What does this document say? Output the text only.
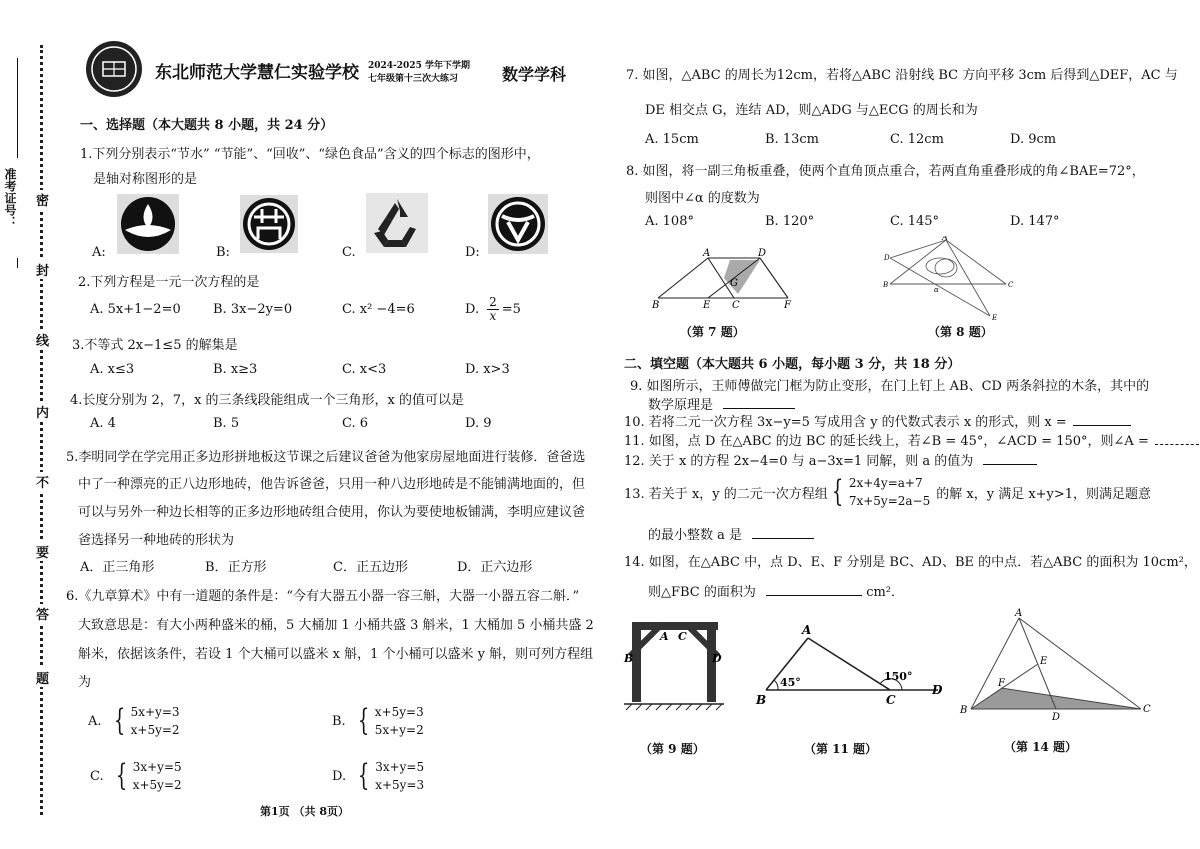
准考证号： 密
封
线
内
不
要
答
题
东北师范大学慧仁实验学校 2024-2025 学年下学期
七年级第十三次大练习	数学学科
一、选择题（本大题共 8 小题，共 24 分）
1.下列分别表示“节水” “节能”、“回收”、“绿色食品”含义的四个标志的图形中，
是轴对称图形的是
A:	B:	C.	D:
2.下列方程是一元一次方程的是
A. 5x+1−2=0 B. 3x−2y=0	C. x² −4=6	D. $\frac{2}{x} =5$
3.不等式 2x−1≤5 的解集是
A. x≤3	B. x≥3	C. x<3	D. x>3
4.长度分别为 2，7，x 的三条线段能组成一个三角形，x 的值可以是
A. 4	B. 5	C. 6	D. 9
5.李明同学在学完用正多边形拼地板这节课之后建议爸爸为他家房屋地面进行装修．爸爸选
中了一种漂亮的正八边形地砖，他告诉爸爸，只用一种八边形地砖是不能铺满地面的，但
可以与另外一种边长相等的正多边形地砖组合使用，你认为要使地板铺满，李明应建议爸
爸选择另一种地砖的形状为
A．正三角形	B．正方形	C．正五边形	D．正六边形
6.《九章算术》中有一道题的条件是：“今有大器五小器一容三斛，大器一小器五容二斛．”
大致意思是：有大小两种盛米的桶，5 大桶加 1 小桶共盛 3 斛米，1 大桶加 5 小桶共盛 2
斛米，依据该条件，若设 1 个大桶可以盛米 x 斛，1 个小桶可以盛米 y 斛，则可列方程组
为
A. { 5x+y=3
x+5y=2
B. { x+5y=3
5x+y=2
C. { 3x+y=5
x+5y=2
D. { 3x+y=5
x+5y=3
第1页 （共 8页）
7. 如图，△ABC 的周长为12cm，若将△ABC 沿射线 BC 方向平移 3cm 后得到△DEF，AC 与
DE 相交点 G，连结 AD，则△ADG 与△ECG 的周长和为
A. 15cm	B. 13cm	C. 12cm	D. 9cm
8. 如图，将一副三角板重叠，使两个直角顶点重合，若两直角重叠形成的角∠BAE=72°，
则图中∠α 的度数为
A. 108°	B. 120°	C. 145°	D. 147°
A	D
G
B	E C	F
（第 7 题）
A
D
B	C
E
α
（第 8 题）
二、填空题（本大题共 6 小题，每小题 3 分，共 18 分）
9. 如图所示，王师傅做完门框为防止变形，在门上钉上 AB、CD 两条斜拉的木条，其中的
数学原理是
10. 若将二元一次方程 3x−y=5 写成用含 y 的代数式表示 x 的形式，则 x =
11. 如图，点 D 在△ABC 的边 BC 的延长线上，若∠B = 45°，∠ACD = 150°，则∠A =
12. 关于 x 的方程 2x−4=0 与 a−3x=1 同解，则 a 的值为
13. 若关于 x，y 的二元一次方程组 { 2x+4y=a+7
7x+5y=2a−5 的解 x，y 满足 x+y>1，则满足题意
的最小整数 a 是
14. 如图，在△ABC 中，点 D、E、F 分别是 BC、AD、BE 的中点．若△ABC 的面积为 10cm²，
则△FBC 的面积为	cm²．
A C
B	D
（第 9 题）
A
B	C
D
45°	150°
（第 11 题）
A
E
F
B
D
C
（第 14 题）
